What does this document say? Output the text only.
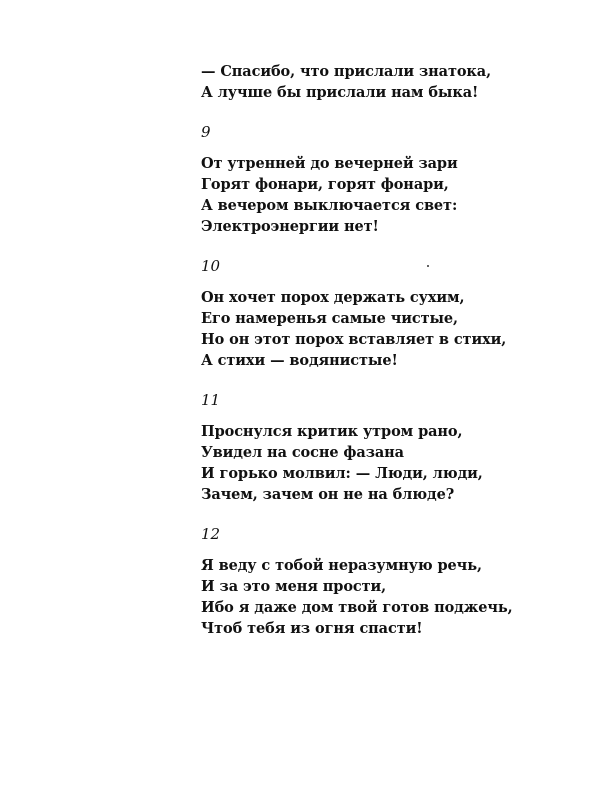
— Спасибо, что прислали знатока,
А лучше бы прислали нам быка!
9
От утренней до вечерней зари
Горят фонари, горят фонари,
А вечером выключается свет:
Электроэнергии нет!
10
Он хочет порох держать сухим,
Его намеренья самые чистые,
Но он этот порох вставляет в стихи,
А стихи — водянистые!
11
Проснулся критик утром рано,
Увидел на сосне фазана
И горько молвил: — Люди, люди,
Зачем, зачем он не на блюде?
12
Я веду с тобой неразумную речь,
И за это меня прости,
Ибо я даже дом твой готов поджечь,
Чтоб тебя из огня спасти!
